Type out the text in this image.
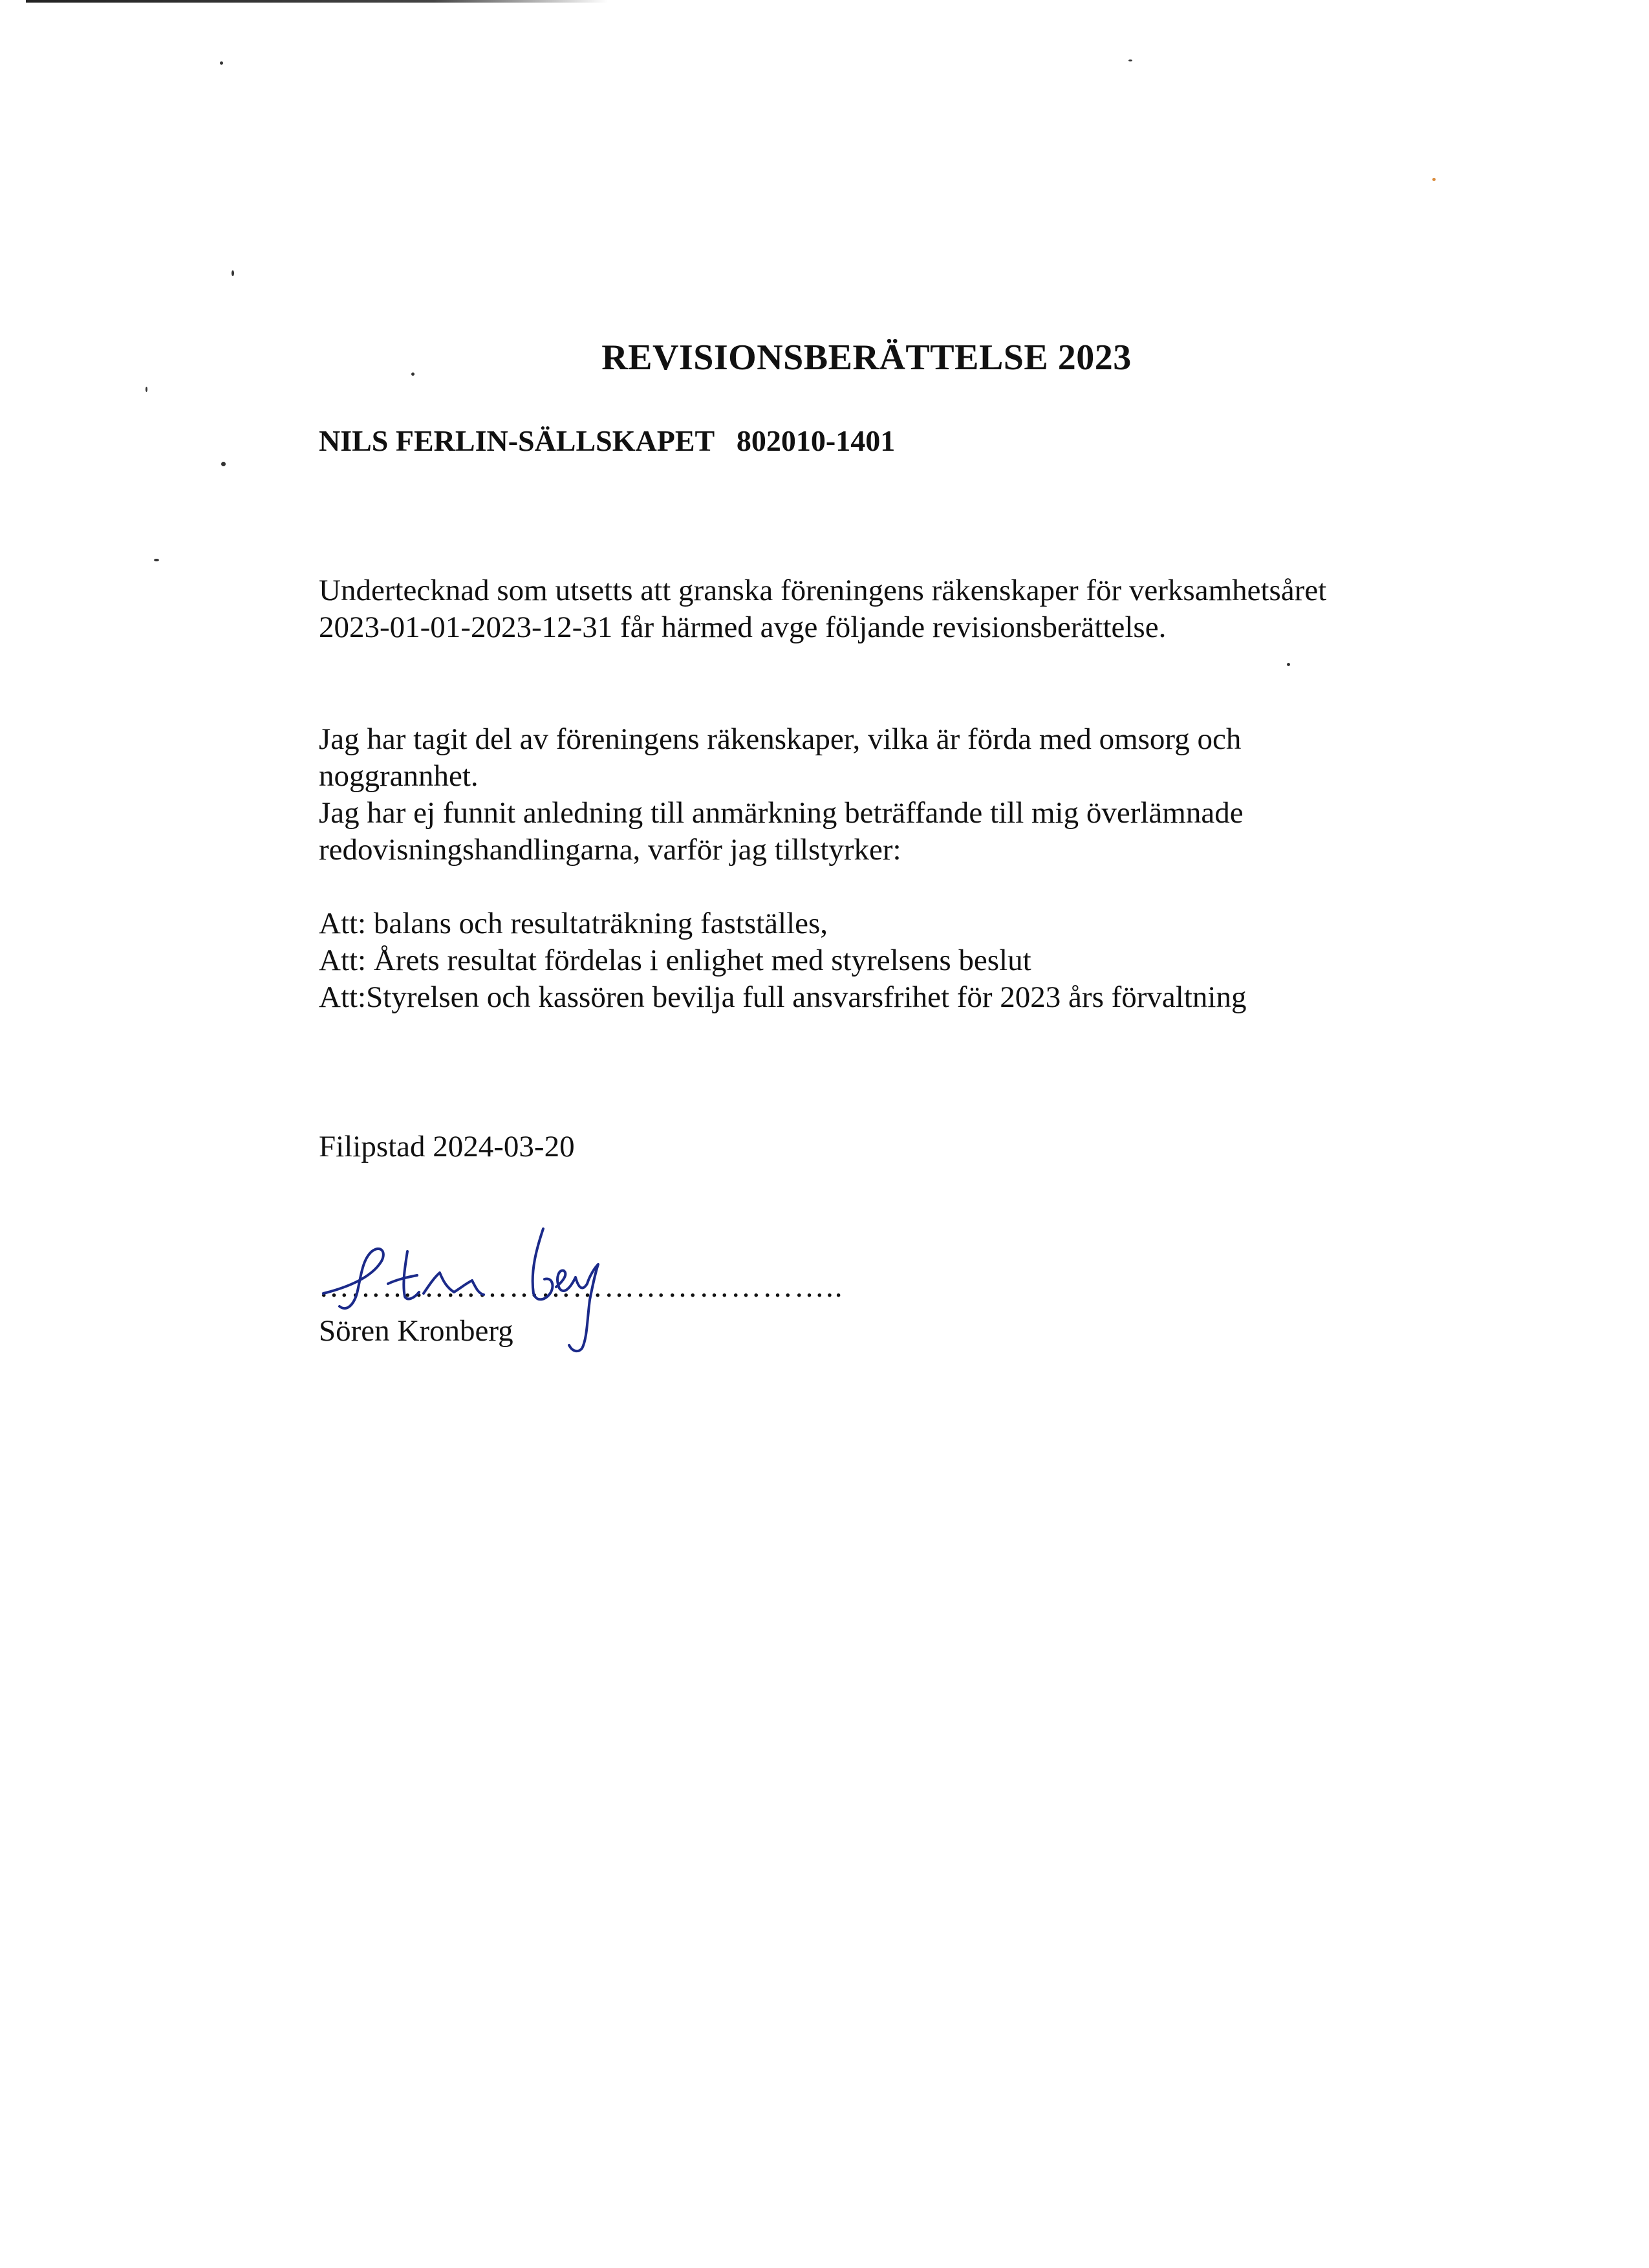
REVISIONSBERÄTTELSE 2023
NILS FERLIN-SÄLLSKAPET   802010-1401
Undertecknad som utsetts att granska föreningens räkenskaper för verksamhetsåret
2023-01-01-2023-12-31 får härmed avge följande revisionsberättelse.
Jag har tagit del av föreningens räkenskaper, vilka är förda med omsorg och
noggrannhet.
Jag har ej funnit anledning till anmärkning beträffande till mig överlämnade
redovisningshandlingarna, varför jag tillstyrker:
Att: balans och resultaträkning fastställes,
Att: Årets resultat fördelas i enlighet med styrelsens beslut
Att:Styrelsen och kassören bevilja full ansvarsfrihet för 2023 års förvaltning
Filipstad 2024-03-20
…………………………………………..
Sören Kronberg
